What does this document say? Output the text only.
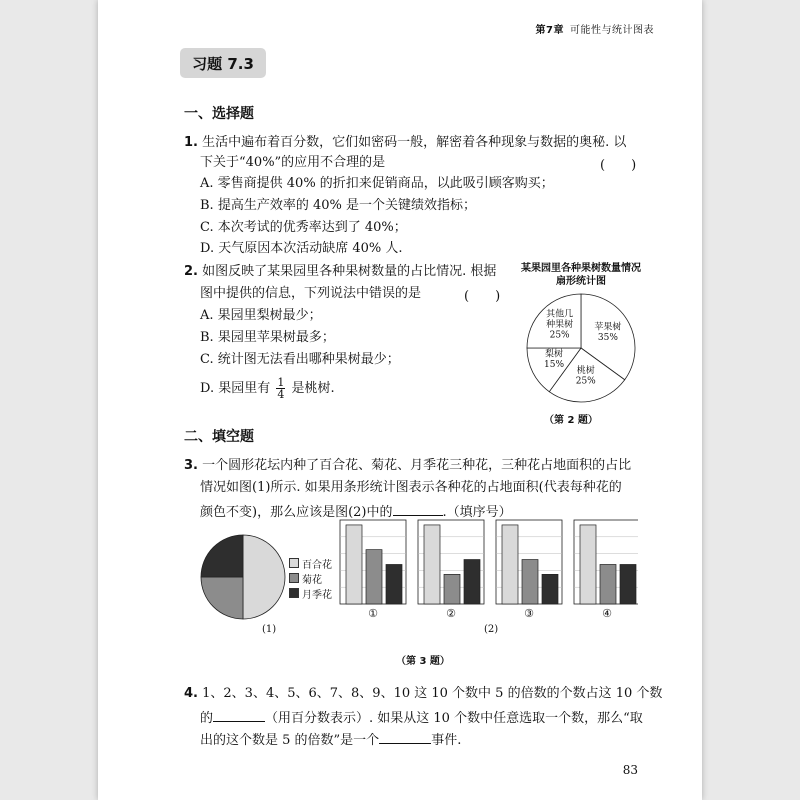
第7章 可能性与统计图表
习题 7.3
一、选择题
1. 生活中遍布着百分数，它们如密码一般，解密着各种现象与数据的奥秘. 以
下关于“40%”的应用不合理的是	(　　)
A. 零售商提供 40% 的折扣来促销商品，以此吸引顾客购买；
B. 提高生产效率的 40% 是一个关键绩效指标；
C. 本次考试的优秀率达到了 40%；
D. 天气原因本次活动缺席 40% 人.
2. 如图反映了某果园里各种果树数量的占比情况. 根据
图中提供的信息，下列说法中错误的是	(　　)
A. 果园里梨树最少；
B. 果园里苹果树最多；
C. 统计图无法看出哪种果树最少；
D. 果园里有 $\frac{1}{4}$ 是桃树.
某果园里各种果树数量情况
扇形统计图
苹果树 35%
桃树 25%
梨树 15%
其他几种果树 25%
（第 2 题）
二、填空题
3. 一个圆形花坛内种了百合花、菊花、月季花三种花，三种花占地面积的占比
情况如图(1)所示. 如果用条形统计图表示各种花的占地面积(代表每种花的
颜色不变)，那么应该是图(2)中的	.（填序号）
(1)
百合花
菊花
月季花
①	②	③	④
(2)
（第 3 题）
4. 1、2、3、4、5、6、7、8、9、10 这 10 个数中 5 的倍数的个数占这 10 个数
的	（用百分数表示）. 如果从这 10 个数中任意选取一个数，那么“取
出的这个数是 5 的倍数”是一个	事件.
83
